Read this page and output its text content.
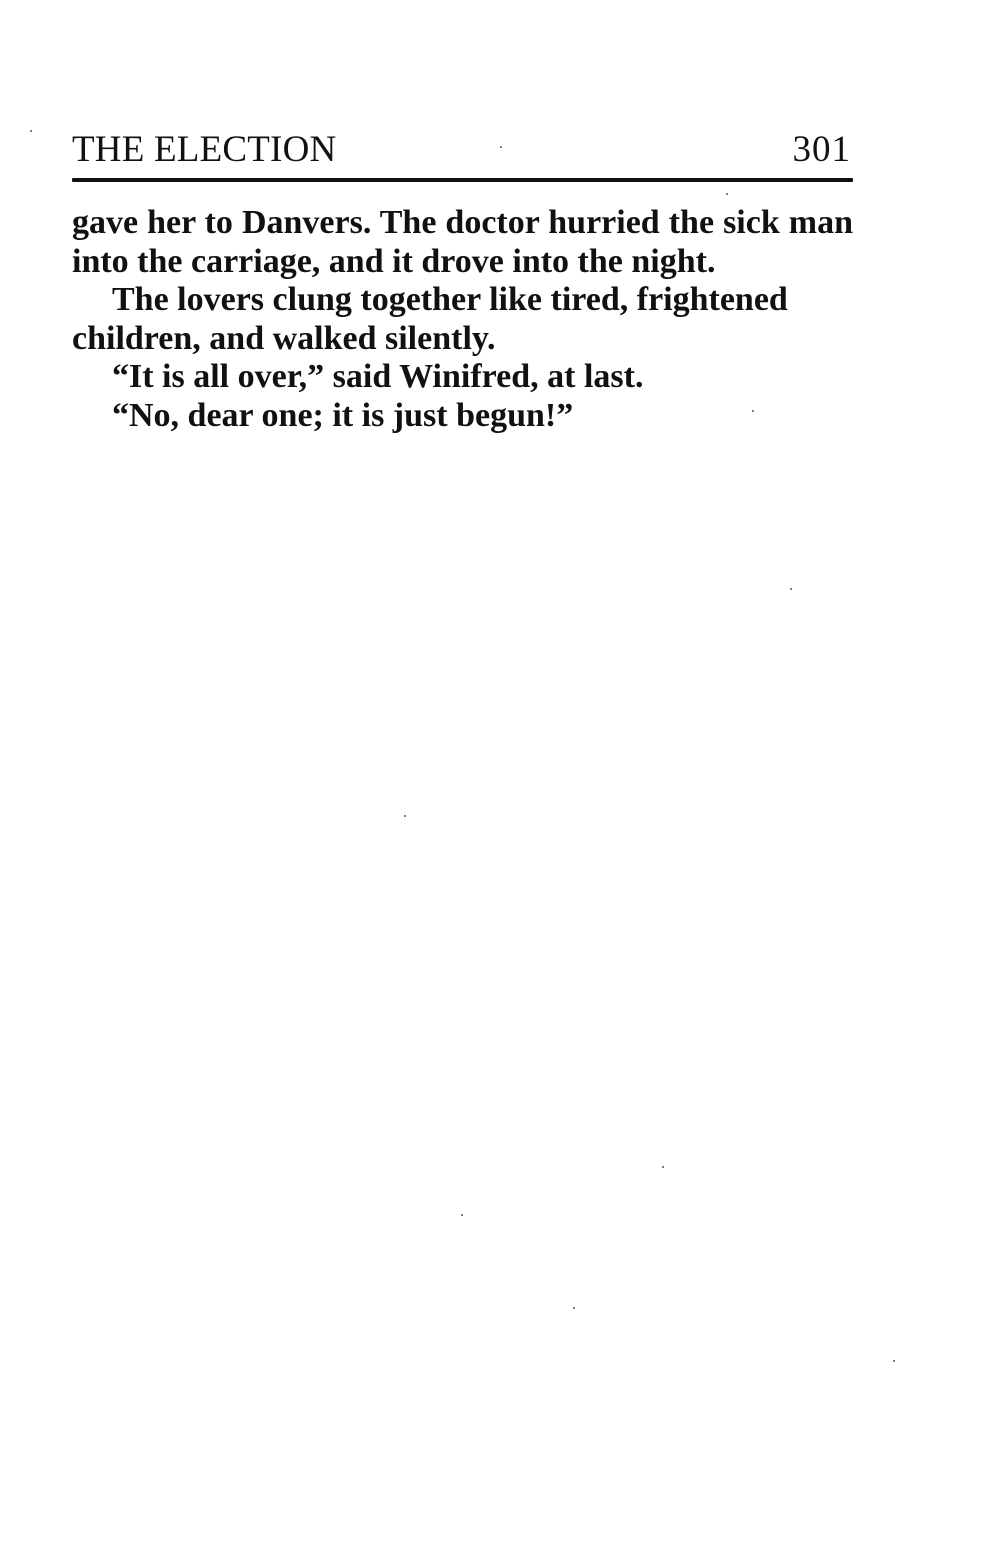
THE ELECTION	301

gave her to Danvers. The doctor hurried the sick man into the carriage, and it drove into the night.

The lovers clung together like tired, frightened children, and walked silently.

“It is all over,” said Winifred, at last.

“No, dear one; it is just begun!”
